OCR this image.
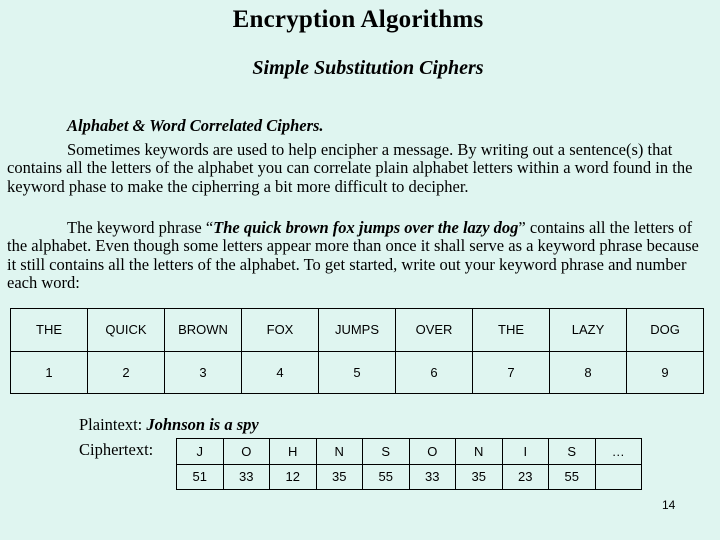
Encryption Algorithms
Simple Substitution Ciphers
Alphabet & Word Correlated Ciphers.
Sometimes keywords are used to help encipher a message. By writing out a sentence(s) that contains all the letters of the alphabet you can correlate plain alphabet letters within a word found in the keyword phase to make the cipherring a bit more difficult to decipher.
The keyword phrase “The quick brown fox jumps over the lazy dog” contains all the letters of the alphabet. Even though some letters appear more than once it shall serve as a keyword phrase because it still contains all the letters of the alphabet. To get started, write out your keyword phrase and number each word:
THE	QUICK	BROWN	FOX	JUMPS	OVER	THE	LAZY	DOG
1	2	3	4	5	6	7	8	9
Plaintext: Johnson is a spy
Ciphertext:	J	O	H	N	S	O	N	I	S	…
51	33	12	35	55	33	35	23	55	
14
